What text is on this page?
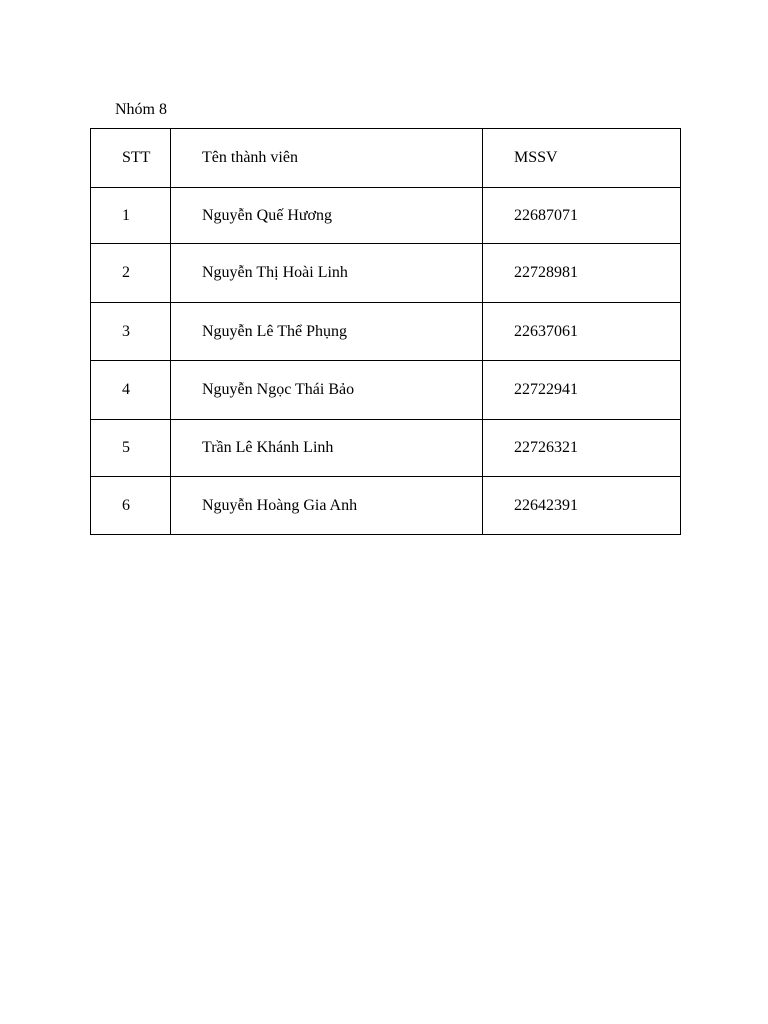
Nhóm 8
STT	Tên thành viên	MSSV
1	Nguyễn Quế Hương	22687071
2	Nguyễn Thị Hoài Linh	22728981
3	Nguyễn Lê Thể Phụng	22637061
4	Nguyễn Ngọc Thái Bảo	22722941
5	Trần Lê Khánh Linh	22726321
6	Nguyễn Hoàng Gia Anh	22642391
